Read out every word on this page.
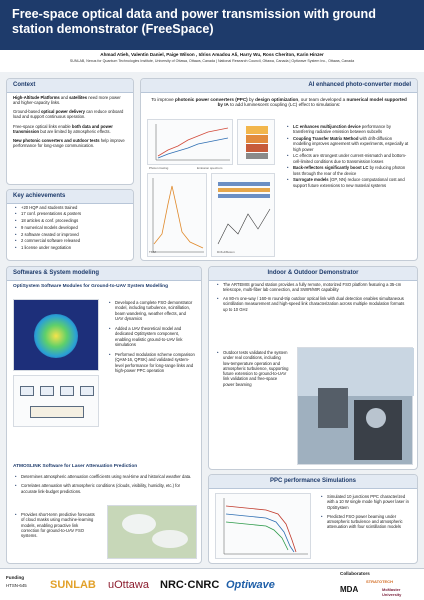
Free-space optical data and power transmission with ground station demonstrator (FreeSpace)
Ahmad Atieh, Valentin Daniel, Paige Wilson , Idriss Amadou Ali, Harry Wu, Ross Cheriton, Karin Hinzer
SUNLAB, Nexus for Quantum Technologies Institute, University of Ottawa, Ottawa, Canada | National Research Council, Ottawa, Canada | Optiwave System Inc., Ottawa, Canada
Context
High-Altitude Platforms and satellites need more power and higher-capacity links.
Ground-based optical power delivery can reduce onboard load and support continuous operation.
Free-space optical links enable both data and power transmission but are limited by atmospheric effects.
New photonic converters and outdoor tests help improve performance for long-range communication.
Key achievements
• +20 HQP and students trained
• 17 conf. presentations & posters
• 18 articles & conf. proceedings
• 9 numerical models developed
• 2 software created or improved
• 2 commercial software released
• 1 license under negotiation
AI enhanced photo-converter model
To improve photonic power converters (PPC) by design optimization, our team developed a numerical model supported by IA to add luminescent coupling (LC) effect to simulations:
Photon tracing	Emission spectrum
TMM	Drift-diffusion
• LC enhances multijunction device performance by transferring radiative emission between subcells
• Coupling Transfer Matrix Method with drift-diffusion modelling improves agreement with experiments, especially at high power
• LC effects are strongest under current-mismatch and bottom-cell-limited conditions due to transmission losses
• Back-reflectors significantly boost LC by reducing photon loss through the rear of the device
• Surrogate models (GP, NN) reduce computational cost and support future extensions to new material systems
Softwares & System modeling
OptiSystem Software Modules for Ground-to-UAV System Modelling
• Developed a complete FSO demonstrator model, including turbulence, scintillation, beam wandering, weather effects, and UAV dynamics
• Added a UAV theoretical model and dedicated OptiSystem component, enabling realistic ground-to-UAV link simulations
• Performed modulation scheme comparison (QAM-16, QPSK) and validated system-level performance for long-range links and high-power PPC operation
ATMOSLINK Software for Laser Attenuation Prediction
• Determines atmospheric attenuation coefficients using real-time and historical weather data.
• Correlates attenuation with atmospheric conditions (clouds, visibility, humidity, etc.) for accurate link-budget predictions.
• Provides short-term predictive forecasts of cloud masks using machine-learning models, enabling proactive link correction for ground-to-UAV FSO systems.
Indoor & Outdoor Demonstrator
• The ARTEMIS ground station provides a fully remote, motorized FSO platform featuring a 35-cm telescope, multi-fiber lab connection, and SWIR/MIR capability
• An 80-m one-way / 160-m round-trip outdoor optical link with dual detection enables simultaneous scintillation measurement and high-speed link characterization across multiple modulation formats up to 10 GHz
• Outdoor tests validated the system under real conditions, including low-temperature operation and atmospheric turbulence, supporting future extension to ground-to-UAV link validation and free-space power beaming
PPC performance Simulations
• Simulated 10 junctions PPC characterized with a 10 W single mode high power laser in OptiSystem
• Predicted FSO power beaming under atmospheric turbulence and atmospheric attenuation with four scintillation models
Funding
HTSN-645 SUNLAB uOttawa NRC·CNRC Optiwave
Collaborators
MDA
STRATOTECH
McMaster University
